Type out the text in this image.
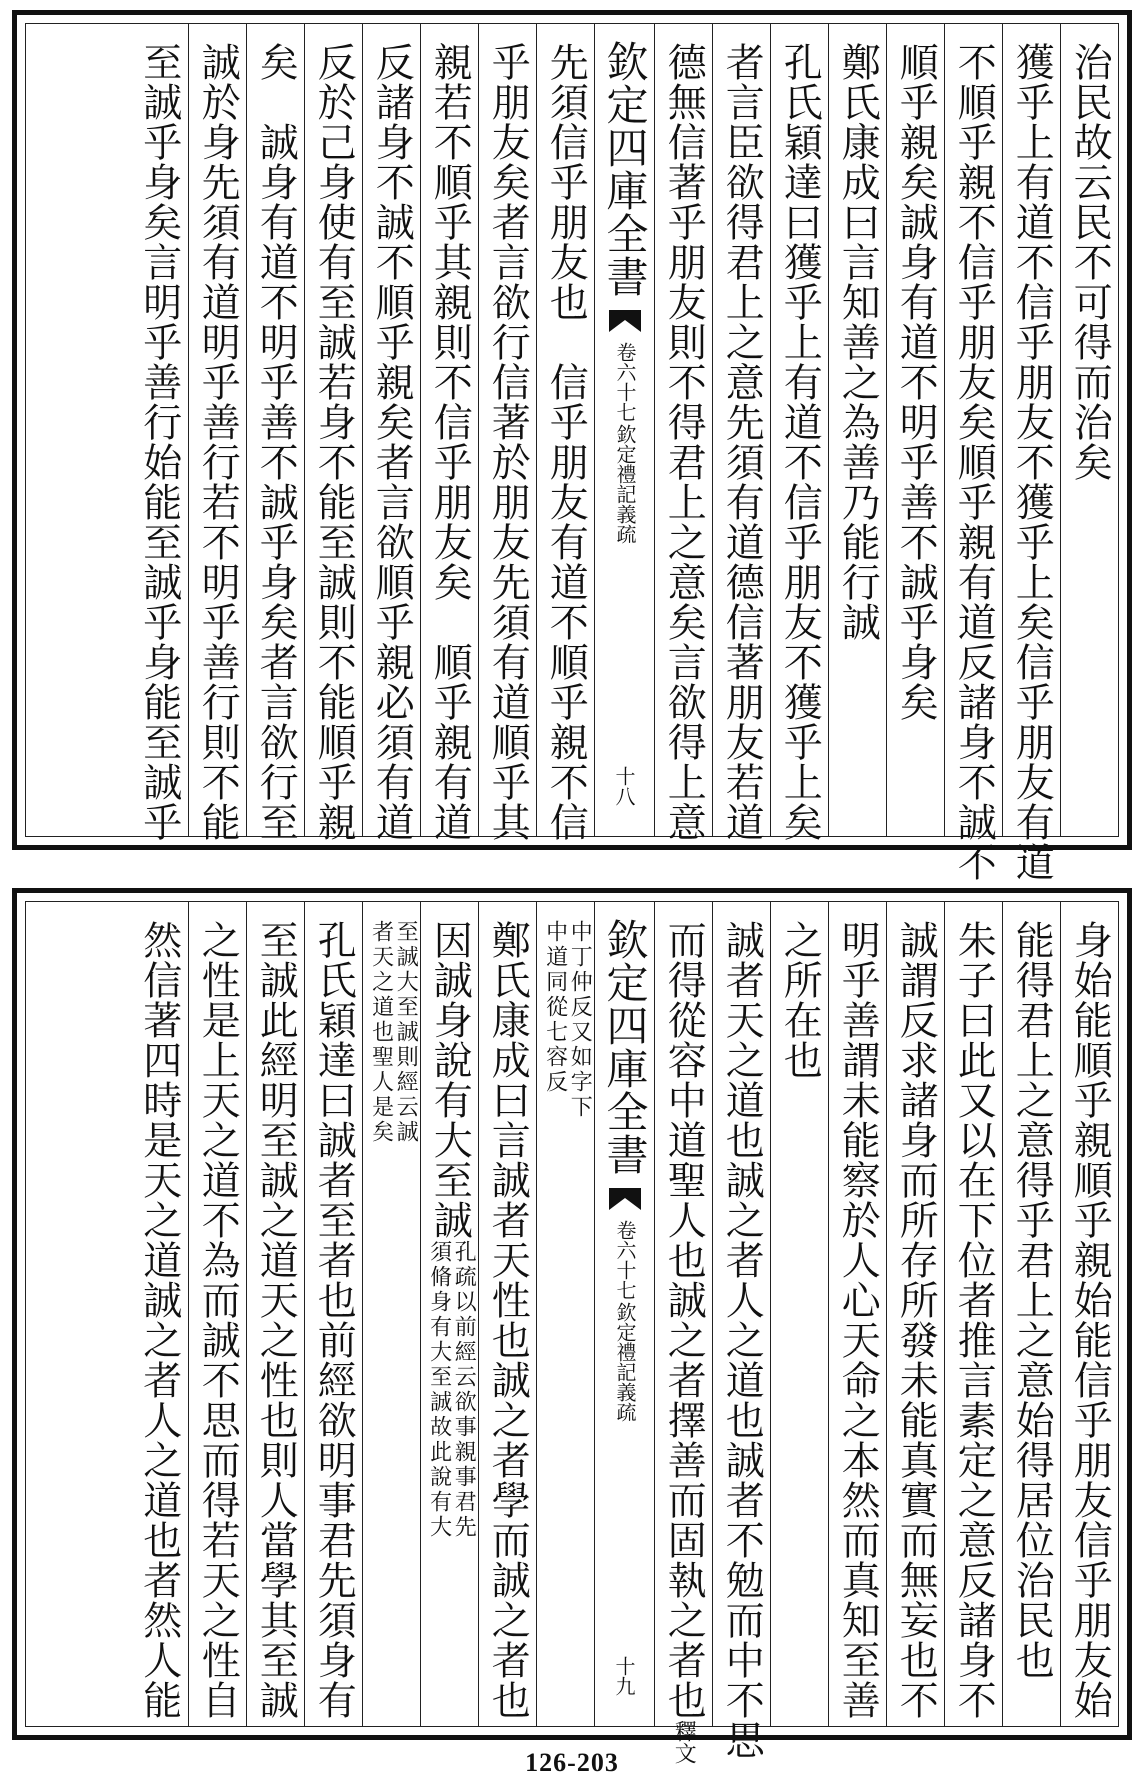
治民故云民不可得而治矣
獲乎上有道不信乎朋友不獲乎上矣信乎朋友有道
不順乎親不信乎朋友矣順乎親有道反諸身不誠不
順乎親矣誠身有道不明乎善不誠乎身矣
鄭氏康成曰言知善之為善乃能行誠
孔氏穎達曰獲乎上有道不信乎朋友不獲乎上矣
者言臣欲得君上之意先須有道德信著朋友若道
德無信著乎朋友則不得君上之意矣言欲得上意
欽定四庫全書
欽定禮記義疏
卷六十七
十八
先須信乎朋友也　信乎朋友有道不順乎親不信
乎朋友矣者言欲行信著於朋友先須有道順乎其
親若不順乎其親則不信乎朋友矣　順乎親有道
反諸身不誠不順乎親矣者言欲順乎親必須有道
反於己身使有至誠若身不能至誠則不能順乎親
矣　誠身有道不明乎善不誠乎身矣者言欲行至
誠於身先須有道明乎善行若不明乎善行則不能
至誠乎身矣言明乎善行始能至誠乎身能至誠乎
身始能順乎親順乎親始能信乎朋友信乎朋友始
能得君上之意得乎君上之意始得居位治民也
朱子曰此又以在下位者推言素定之意反諸身不
誠謂反求諸身而所存所發未能真實而無妄也不
明乎善謂未能察於人心天命之本然而真知至善
之所在也
誠者天之道也誠之者人之道也誠者不勉而中不思
而得從容中道聖人也誠之者擇善而固執之者也釋文
欽定四庫全書
欽定禮記義疏
卷六十七
十九
中丁仲反又如字下
中道同從七容反
鄭氏康成曰言誠者天性也誠之者學而誠之者也
因誠身說有大至誠
孔疏以前經云欲事親事君先
須脩身有大至誠故此說有大
至誠大至誠則經云誠
者天之道也聖人是矣
孔氏穎達曰誠者至者也前經欲明事君先須身有
至誠此經明至誠之道天之性也則人當學其至誠
之性是上天之道不為而誠不思而得若天之性自
然信著四時是天之道誠之者人之道也者然人能
126-203
